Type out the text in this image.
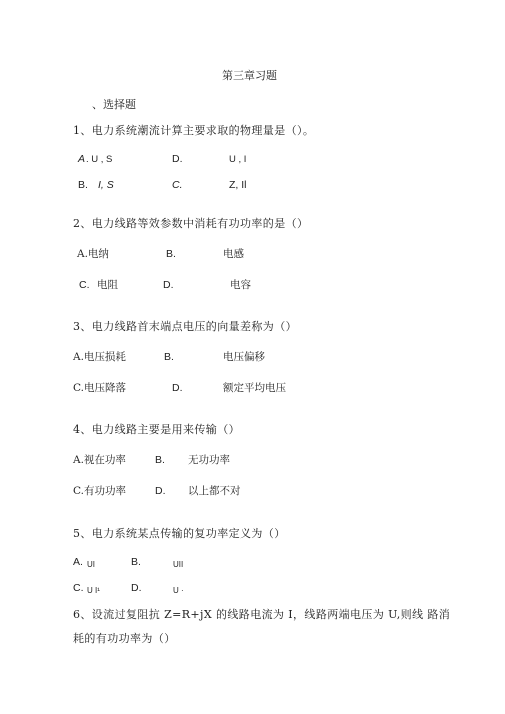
第三章习题
、选择题
1、电力系统潮流计算主要求取的物理量是（）。
A . U , S	D.	U , I
B. I, S	C.	Z, Il
2、电力线路等效参数中消耗有功功率的是（）
A.电纳	B.	电感
C. 电阻	D.	电容
3、电力线路首末端点电压的向量差称为（）
A.电压损耗	B.	电压偏移
C.电压降落	D.	额定平均电压
4、电力线路主要是用来传输（）
A.视在功率	B. 无功功率
C.有功功率	D. 以上都不对
5、电力系统某点传输的复功率定义为（）
A. UI	B.	UII
C. U I¹	D.	U ·
6、设流过复阻抗 Z=R+jX 的线路电流为 I，线路两端电压为 U,则线 路消
耗的有功功率为（）
